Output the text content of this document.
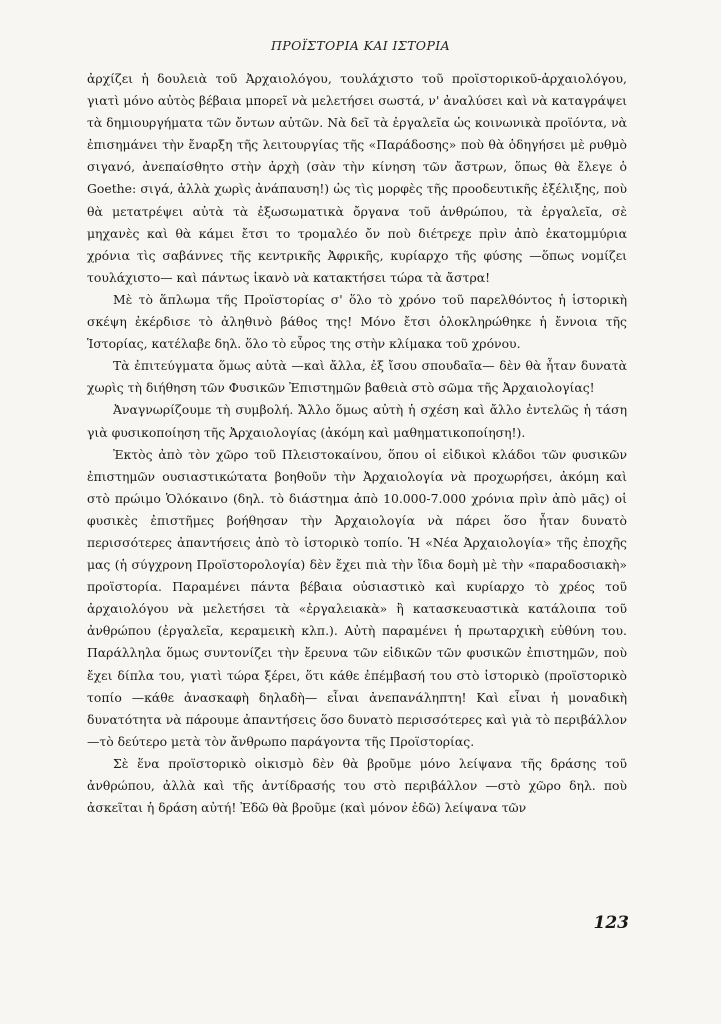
ΠΡΟΪΣΤΟΡΙΑ ΚΑΙ ΙΣΤΟΡΙΑ

ἀρχίζει ἡ δουλειὰ τοῦ Ἀρχαιολόγου, τουλάχιστο τοῦ προϊστορικοῦ-ἀρχαιολόγου, γιατὶ μόνο αὐτὸς βέβαια μπορεῖ νὰ μελετήσει σωστά, ν' ἀναλύσει καὶ νὰ καταγράψει τὰ δημιουργήματα τῶν ὄντων αὐτῶν. Νὰ δεῖ τὰ ἐργαλεῖα ὡς κοινωνικὰ προϊόντα, νὰ ἐπισημάνει τὴν ἔναρξη τῆς λειτουργίας τῆς «Παράδοσης» ποὺ θὰ ὁδηγήσει μὲ ρυθμὸ σιγανό, ἀνεπαίσθητο στὴν ἀρχὴ (σὰν τὴν κίνηση τῶν ἄστρων, ὅπως θὰ ἔλεγε ὁ Goethe: σιγά, ἀλλὰ χωρὶς ἀνάπαυση!) ὡς τὶς μορφὲς τῆς προοδευτικῆς ἐξέλιξης, ποὺ θὰ μετατρέψει αὐτὰ τὰ ἐξωσωματικὰ ὄργανα τοῦ ἀνθρώπου, τὰ ἐργαλεῖα, σὲ μηχανὲς καὶ θὰ κάμει ἔτσι το τρομαλέο ὄν ποὺ διέτρεχε πρὶν ἀπὸ ἑκατομμύρια χρόνια τὶς σαβάννες τῆς κεντρικῆς Ἀφρικῆς, κυρίαρχο τῆς φύσης —ὅπως νομίζει τουλάχιστο— καὶ πάντως ἱκανὸ νὰ κατακτήσει τώρα τὰ ἄστρα!

Μὲ τὸ ἅπλωμα τῆς Προϊστορίας σ' ὅλο τὸ χρόνο τοῦ παρελθόντος ἡ ἱστορικὴ σκέψη ἐκέρδισε τὸ ἀληθινὸ βάθος της! Μόνο ἔτσι ὁλοκληρώθηκε ἡ ἔννοια τῆς Ἱστορίας, κατέλαβε δηλ. ὅλο τὸ εὖρος της στὴν κλίμακα τοῦ χρόνου.

Τὰ ἐπιτεύγματα ὅμως αὐτὰ —καὶ ἄλλα, ἐξ ἴσου σπουδαῖα— δὲν θὰ ἦταν δυνατὰ χωρὶς τὴ διήθηση τῶν Φυσικῶν Ἐπιστημῶν βαθειὰ στὸ σῶμα τῆς Ἀρχαιολογίας!

Ἀναγνωρίζουμε τὴ συμβολή. Ἄλλο ὅμως αὐτὴ ἡ σχέση καὶ ἄλλο ἐντελῶς ἡ τάση γιὰ φυσικοποίηση τῆς Ἀρχαιολογίας (ἀκόμη καὶ μαθηματικοποίηση!).

Ἐκτὸς ἀπὸ τὸν χῶρο τοῦ Πλειστοκαίνου, ὅπου οἱ εἰδικοὶ κλάδοι τῶν φυσικῶν ἐπιστημῶν ουσιαστικώτατα βοηθοῦν τὴν Ἀρχαιολογία νὰ προχωρήσει, ἀκόμη καὶ στὸ πρώιμο Ὁλόκαινο (δηλ. τὸ διάστημα ἀπὸ 10.000-7.000 χρόνια πρὶν ἀπὸ μᾶς) οἱ φυσικὲς ἐπιστῆμες βοήθησαν τὴν Ἀρχαιολογία νὰ πάρει ὅσο ἦταν δυνατὸ περισσότερες ἀπαντήσεις ἀπὸ τὸ ἱστορικὸ τοπίο. Ἡ «Νέα Ἀρχαιολογία» τῆς ἐποχῆς μας (ἡ σύγχρονη Προϊστορολογία) δὲν ἔχει πιὰ τὴν ἴδια δομὴ μὲ τὴν «παραδοσιακὴ» προϊστορία. Παραμένει πάντα βέβαια οὐσιαστικὸ καὶ κυρίαρχο τὸ χρέος τοῦ ἀρχαιολόγου νὰ μελετήσει τὰ «ἐργαλειακὰ» ἢ κατασκευαστικὰ κατάλοιπα τοῦ ἀνθρώπου (ἐργαλεῖα, κεραμεικὴ κλπ.). Αὐτὴ παραμένει ἡ πρωταρχικὴ εὐθύνη του. Παράλληλα ὅμως συντονίζει τὴν ἔρευνα τῶν εἰδικῶν τῶν φυσικῶν ἐπιστημῶν, ποὺ ἔχει δίπλα του, γιατὶ τώρα ξέρει, ὅτι κάθε ἐπέμβασή του στὸ ἱστορικὸ (προϊστορικὸ τοπίο —κάθε ἀνασκαφὴ δηλαδὴ— εἶναι ἀνεπανάληπτη! Καὶ εἶναι ἡ μοναδικὴ δυνατότητα νὰ πάρουμε ἀπαντήσεις ὅσο δυνατὸ περισσότερες καὶ γιὰ τὸ περιβάλλον —τὸ δεύτερο μετὰ τὸν ἄνθρωπο παράγοντα τῆς Προϊστορίας.

Σὲ ἕνα προϊστορικὸ οἰκισμὸ δὲν θὰ βροῦμε μόνο λείψανα τῆς δράσης τοῦ ἀνθρώπου, ἀλλὰ καὶ τῆς ἀντίδρασής του στὸ περιβάλλον —στὸ χῶρο δηλ. ποὺ ἀσκεῖται ἡ δράση αὐτή! Ἐδῶ θὰ βροῦμε (καὶ μόνον ἐδῶ) λείψανα τῶν

123
